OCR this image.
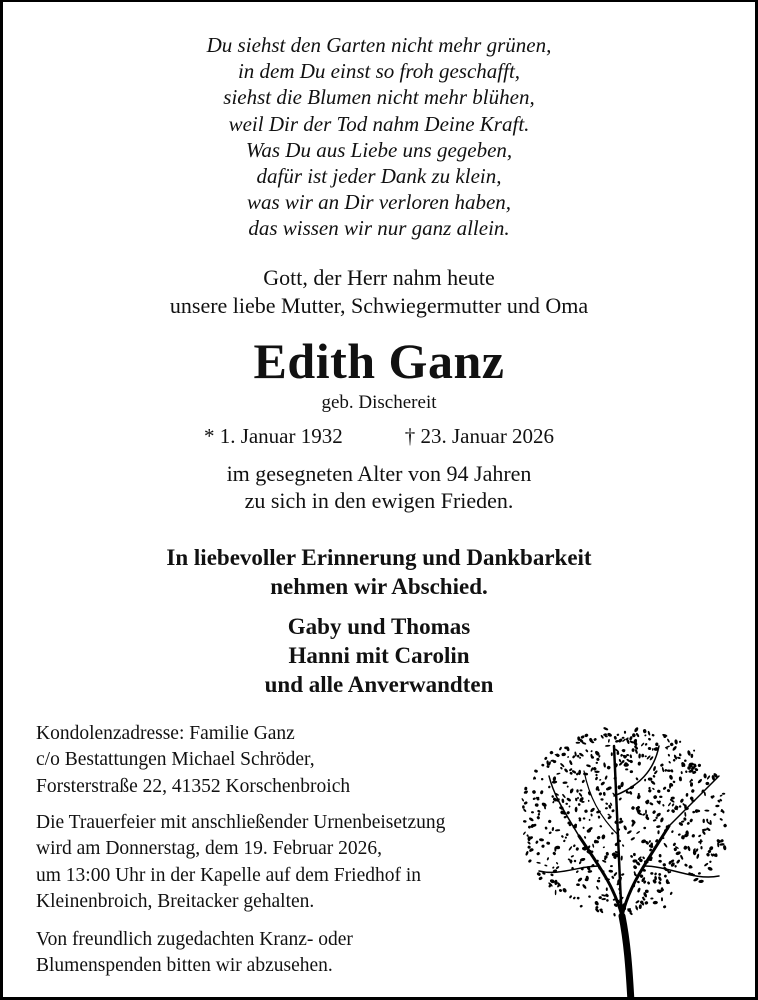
Du siehst den Garten nicht mehr grünen,
in dem Du einst so froh geschafft,
siehst die Blumen nicht mehr blühen,
weil Dir der Tod nahm Deine Kraft.
Was Du aus Liebe uns gegeben,
dafür ist jeder Dank zu klein,
was wir an Dir verloren haben,
das wissen wir nur ganz allein.
Gott, der Herr nahm heute
unsere liebe Mutter, Schwiegermutter und Oma
Edith Ganz
geb. Dischereit
* 1. Januar 1932	† 23. Januar 2026
im gesegneten Alter von 94 Jahren
zu sich in den ewigen Frieden.
In liebevoller Erinnerung und Dankbarkeit
nehmen wir Abschied.
Gaby und Thomas
Hanni mit Carolin
und alle Anverwandten
Kondolenzadresse: Familie Ganz
c/o Bestattungen Michael Schröder,
Forsterstraße 22, 41352 Korschenbroich
Die Trauerfeier mit anschließender Urnenbeisetzung
wird am Donnerstag, dem 19. Februar 2026,
um 13:00 Uhr in der Kapelle auf dem Friedhof in
Kleinenbroich, Breitacker gehalten.
Von freundlich zugedachten Kranz- oder
Blumenspenden bitten wir abzusehen.
